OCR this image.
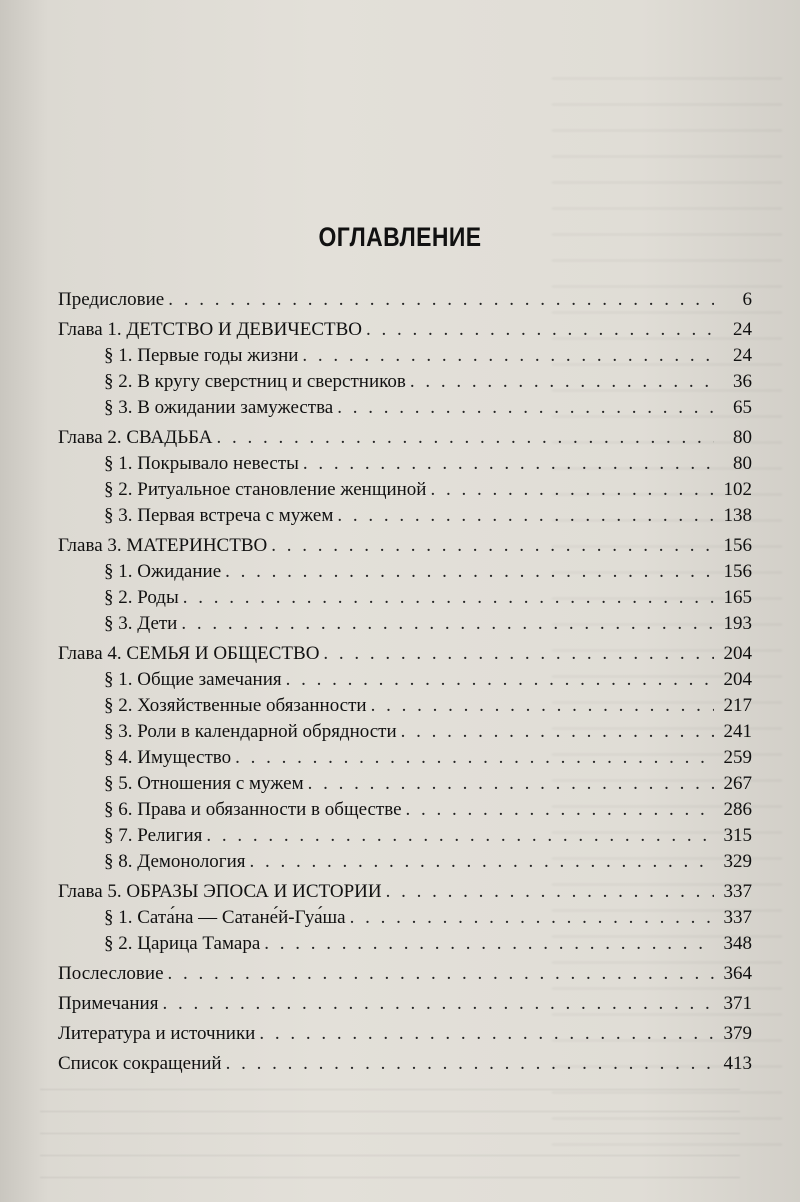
ОГЛАВЛЕНИЕ
Предисловие . . .	6
Глава 1. ДЕТСТВО И ДЕВИЧЕСТВО . . .	24
§ 1. Первые годы жизни . . .	24
§ 2. В кругу сверстниц и сверстников . . .	36
§ 3. В ожидании замужества . . .	65
Глава 2. СВАДЬБА . . .	80
§ 1. Покрывало невесты . . .	80
§ 2. Ритуальное становление женщиной . . .	102
§ 3. Первая встреча с мужем . . .	138
Глава 3. МАТЕРИНСТВО . . .	156
§ 1. Ожидание . . .	156
§ 2. Роды . . .	165
§ 3. Дети . . .	193
Глава 4. СЕМЬЯ И ОБЩЕСТВО . . .	204
§ 1. Общие замечания . . .	204
§ 2. Хозяйственные обязанности . . .	217
§ 3. Роли в календарной обрядности . . .	241
§ 4. Имущество . . .	259
§ 5. Отношения с мужем . . .	267
§ 6. Права и обязанности в обществе . . .	286
§ 7. Религия . . .	315
§ 8. Демонология . . .	329
Глава 5. ОБРАЗЫ ЭПОСА И ИСТОРИИ . . .	337
§ 1. Сата́на — Сатане́й-Гуа́ша . . .	337
§ 2. Царица Тамара . . .	348
Послесловие . . .	364
Примечания . . .	371
Литература и источники . . .	379
Список сокращений . . .	413
